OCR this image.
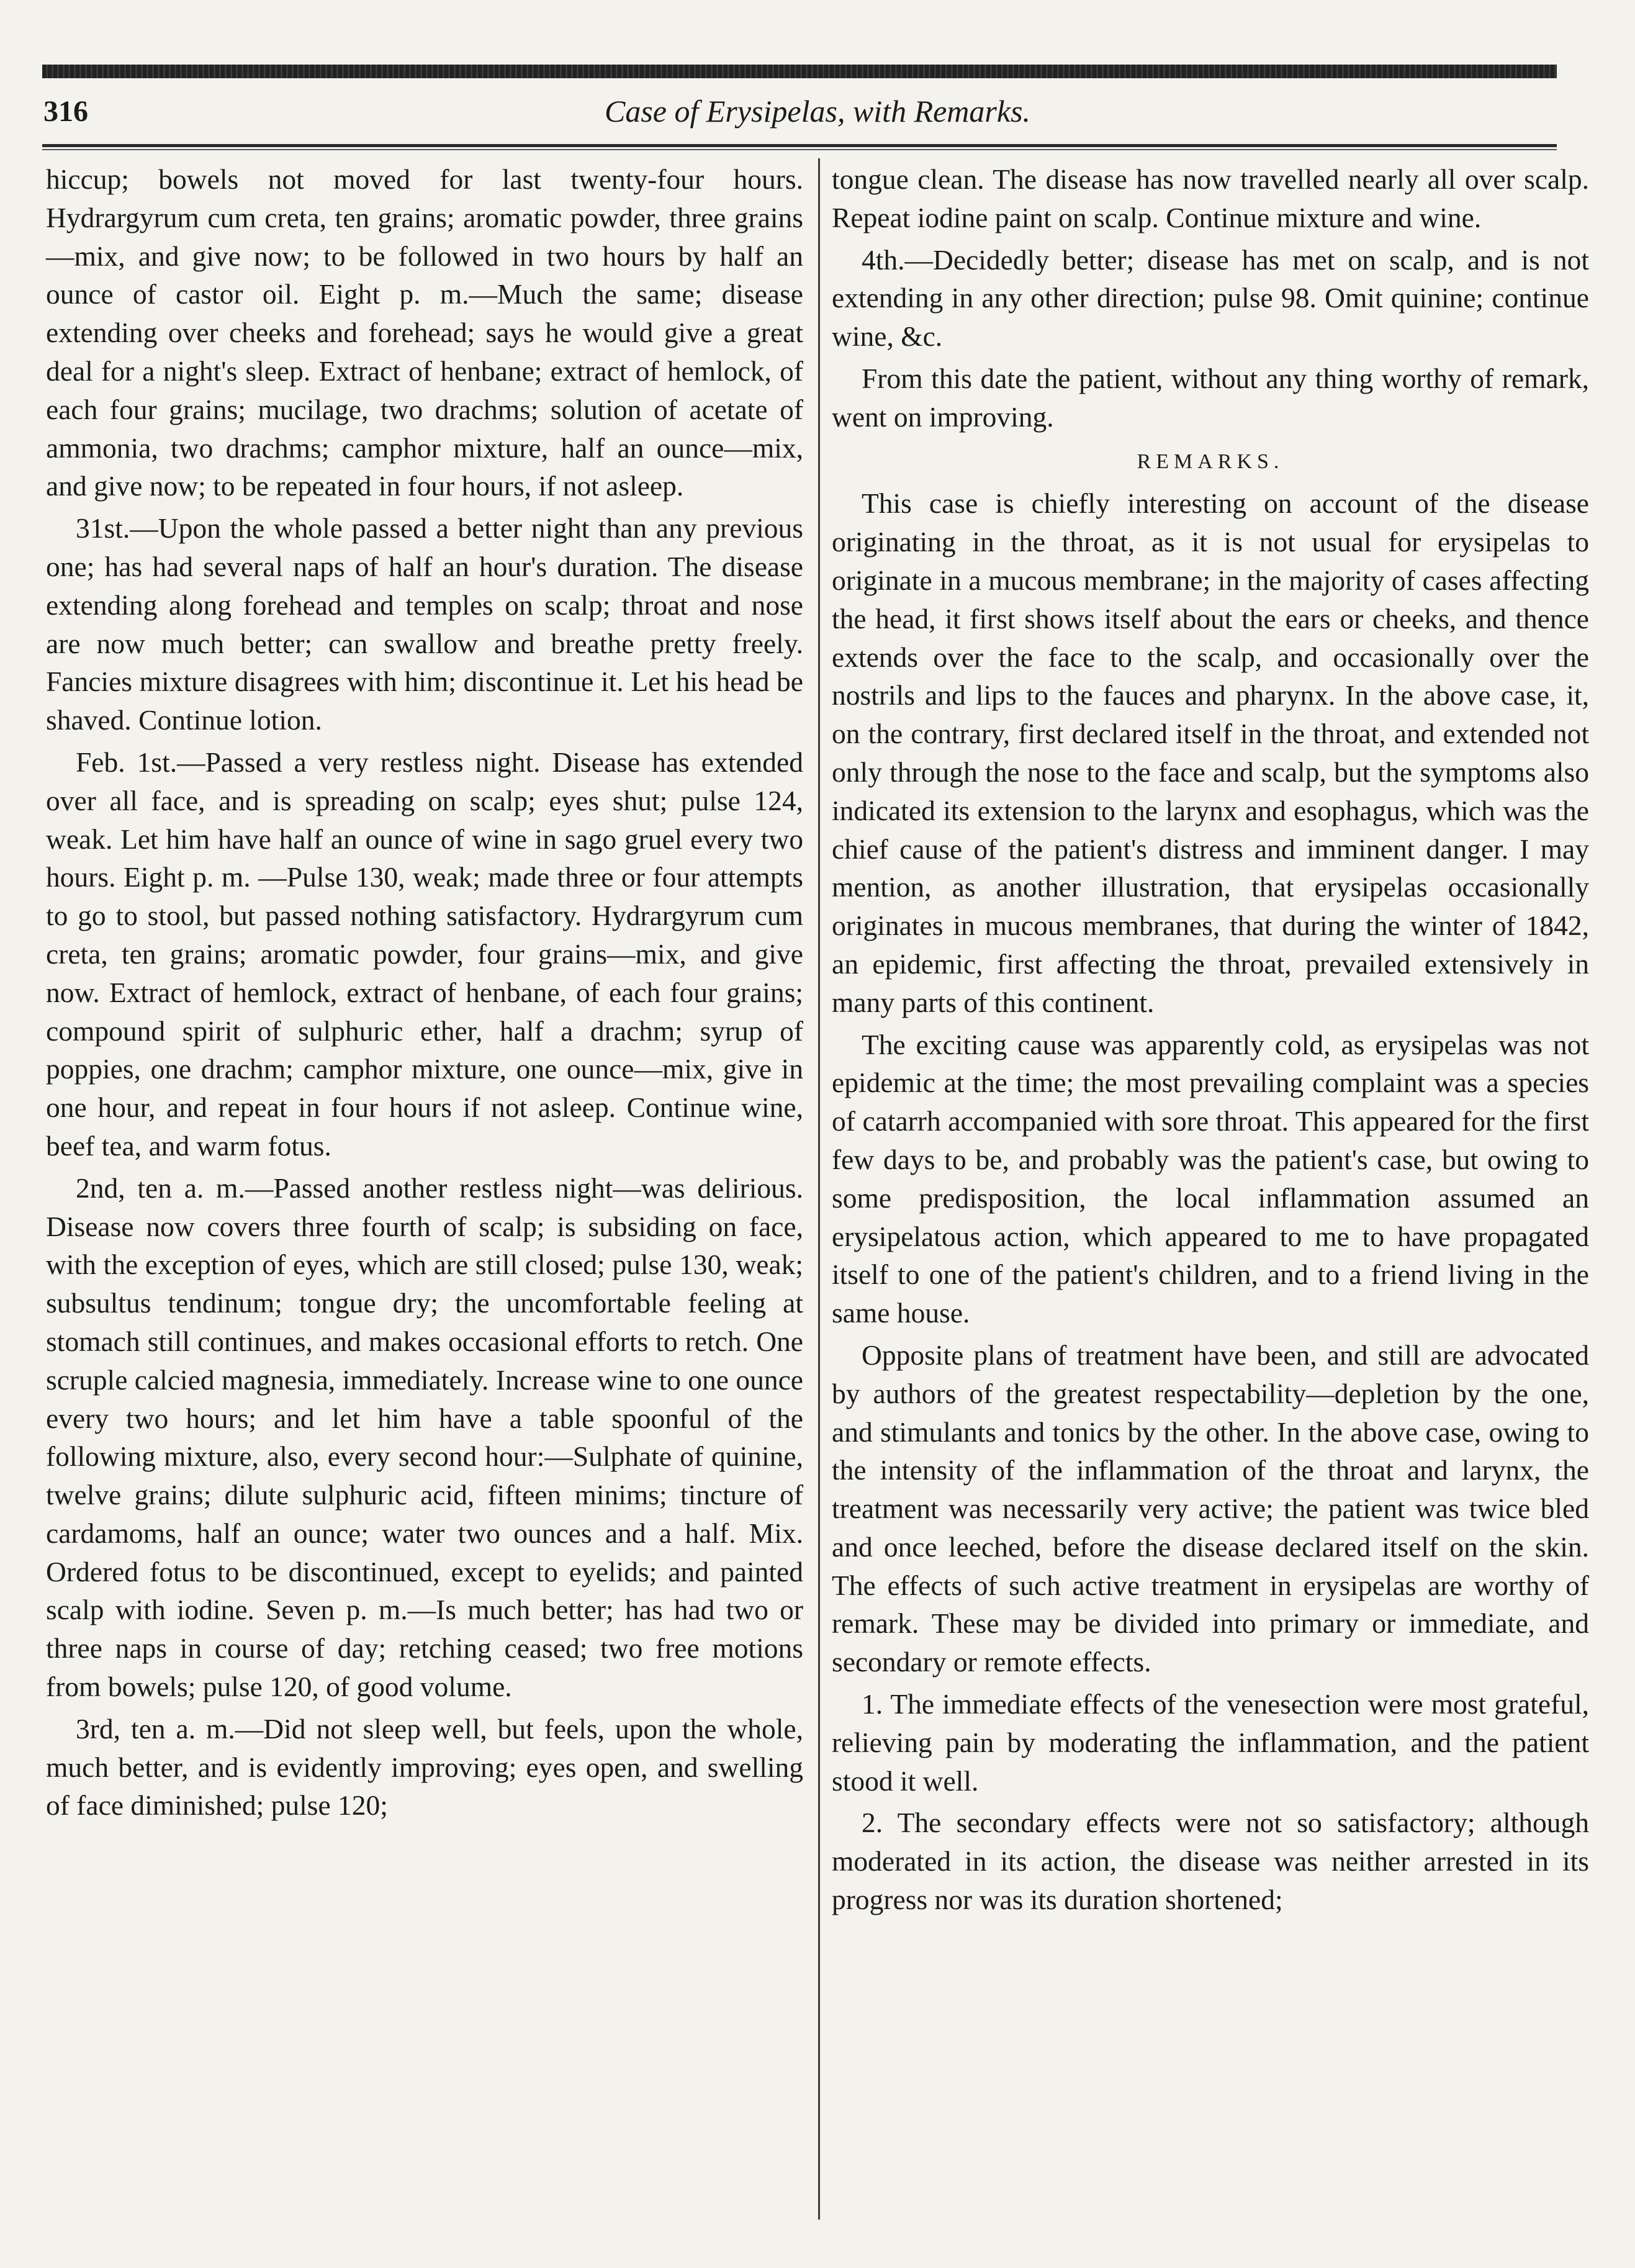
316	Case of Erysipelas, with Remarks.

hiccup; bowels not moved for last twenty-four hours. Hydrargyrum cum creta, ten grains; aromatic powder, three grains—mix, and give now; to be followed in two hours by half an ounce of castor oil. Eight p. m.—Much the same; disease extending over cheeks and forehead; says he would give a great deal for a night's sleep. Extract of henbane; extract of hemlock, of each four grains; mucilage, two drachms; solution of acetate of ammonia, two drachms; camphor mixture, half an ounce—mix, and give now; to be repeated in four hours, if not asleep.

31st.—Upon the whole passed a better night than any previous one; has had several naps of half an hour's duration. The disease extending along forehead and temples on scalp; throat and nose are now much better; can swallow and breathe pretty freely. Fancies mixture disagrees with him; discontinue it. Let his head be shaved. Continue lotion.

Feb. 1st.—Passed a very restless night. Disease has extended over all face, and is spreading on scalp; eyes shut; pulse 124, weak. Let him have half an ounce of wine in sago gruel every two hours. Eight p. m. —Pulse 130, weak; made three or four attempts to go to stool, but passed nothing satisfactory. Hydrargyrum cum creta, ten grains; aromatic powder, four grains—mix, and give now. Extract of hemlock, extract of henbane, of each four grains; compound spirit of sulphuric ether, half a drachm; syrup of poppies, one drachm; camphor mixture, one ounce—mix, give in one hour, and repeat in four hours if not asleep. Continue wine, beef tea, and warm fotus.

2nd, ten a. m.—Passed another restless night—was delirious. Disease now covers three fourth of scalp; is subsiding on face, with the exception of eyes, which are still closed; pulse 130, weak; subsultus tendinum; tongue dry; the uncomfortable feeling at stomach still continues, and makes occasional efforts to retch. One scruple calcied magnesia, immediately. Increase wine to one ounce every two hours; and let him have a table spoonful of the following mixture, also, every second hour:—Sulphate of quinine, twelve grains; dilute sulphuric acid, fifteen minims; tincture of cardamoms, half an ounce; water two ounces and a half. Mix. Ordered fotus to be discontinued, except to eyelids; and painted scalp with iodine. Seven p. m.—Is much better; has had two or three naps in course of day; retching ceased; two free motions from bowels; pulse 120, of good volume.

3rd, ten a. m.—Did not sleep well, but feels, upon the whole, much better, and is evidently improving; eyes open, and swelling of face diminished; pulse 120;

tongue clean. The disease has now travelled nearly all over scalp. Repeat iodine paint on scalp. Continue mixture and wine.

4th.—Decidedly better; disease has met on scalp, and is not extending in any other direction; pulse 98. Omit quinine; continue wine, &c.

From this date the patient, without any thing worthy of remark, went on improving.

REMARKS.

This case is chiefly interesting on account of the disease originating in the throat, as it is not usual for erysipelas to originate in a mucous membrane; in the majority of cases affecting the head, it first shows itself about the ears or cheeks, and thence extends over the face to the scalp, and occasionally over the nostrils and lips to the fauces and pharynx. In the above case, it, on the contrary, first declared itself in the throat, and extended not only through the nose to the face and scalp, but the symptoms also indicated its extension to the larynx and esophagus, which was the chief cause of the patient's distress and imminent danger. I may mention, as another illustration, that erysipelas occasionally originates in mucous membranes, that during the winter of 1842, an epidemic, first affecting the throat, prevailed extensively in many parts of this continent.

The exciting cause was apparently cold, as erysipelas was not epidemic at the time; the most prevailing complaint was a species of catarrh accompanied with sore throat. This appeared for the first few days to be, and probably was the patient's case, but owing to some predisposition, the local inflammation assumed an erysipelatous action, which appeared to me to have propagated itself to one of the patient's children, and to a friend living in the same house.

Opposite plans of treatment have been, and still are advocated by authors of the greatest respectability—depletion by the one, and stimulants and tonics by the other. In the above case, owing to the intensity of the inflammation of the throat and larynx, the treatment was necessarily very active; the patient was twice bled and once leeched, before the disease declared itself on the skin. The effects of such active treatment in erysipelas are worthy of remark. These may be divided into primary or immediate, and secondary or remote effects.

1. The immediate effects of the venesection were most grateful, relieving pain by moderating the inflammation, and the patient stood it well.

2. The secondary effects were not so satisfactory; although moderated in its action, the disease was neither arrested in its progress nor was its duration shortened;
